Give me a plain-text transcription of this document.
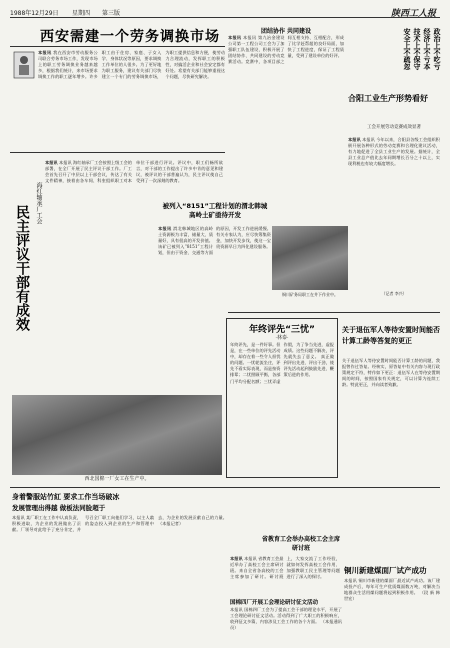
1988年12月29日 星期四 第三版	陕西工人报
西安需建一个劳务调换市场
本报讯 我在西安市劳动服务公司联合劳务市场工作，发现市场上的职工劳务调换业务越来越多，根据我们统计，来市场要求调换工作的职工逐年增多。许多职工由于住房、家庭、子女入学、身体状况等原因，要求调换工作单位的人很多。为了更好地为职工服务，建议有关部门尽快建立一个专门的劳务调换市场，为职工提供信息和方便，使劳动力合理流动，发挥职工的积极性，对搞活企业和社会安定都有好处。希望有关部门能够重视这个问题，尽快研究解决。
民主评议干部有成效
海红轴承厂工会
本报讯 本报讯 海红轴承厂工会按照上级工会的部署，在全厂开展了民主评议干部工作。厂工会首先召开了中层以上干部会议，传达了有关文件精神，接着由各车间、科室组织职工对本单位干部进行评议。评议中，职工们畅所欲言，对干部的工作提出了许多中肯的意见和建议，被评议的干部普遍认为，民主评议使自己受到了一次深刻的教育。
西北国棉一厂女工在生产中。
被列入“8151”工程计划的渭北韩城高岭土矿亟待开发
本报讯 渭北韩城地区的高岭土资源极为丰富，储量大、质量好，具有很高的开发价值。该矿已被列入“8151”工程计划，但由于资金、交通等方面的原因，开发工作进展缓慢。有关专家认为，应尽快筹集资金，加快开发步伐，使这一宝贵资源早日为四化建设服务。
本报讯 本报讯 第九冶金建设公司第一工程公司工会为了加强职工队伍建设，积极开展了团结协作、共同建设的劳动竞赛活动。竞赛中，各项目部之间互相支持、互相配合，形成了比学赶帮超的良好局面，加快了工程进度，保证了工程质量，受到了建设单位的好评。
团结协作 共同建设
铜川矿务局职工在井下作业中。
政治上不吃亏
经济上不亏本
技术上不保守
安全上不疏忽
合阳工业生产形势看好
工会开展劳动竞赛成效显著
本报讯 本报讯 今年以来，合阳县各级工会组织积极开展各种形式的劳动竞赛和合理化建议活动，有力地促进了全县工业生产的发展。据统计，全县工业总产值比去年同期增长百分之十以上，实现利税也有较大幅度增长。
（记者 李兴）
关于退伍军人等待安置时间能否计算工龄等答复的更正
关于退伍军人等待安置时间能否计算工龄的问题，我报曾作过答复。经核实，原答复中有关内容与现行政策规定不符，特作如下更正：退伍军人在等待安置期间的时间，按照国家有关规定，可以计算为连续工龄。特此更正，并向读者致歉。
年终评先“三忧”
·林泰·
年终评先，是一件好事。但是，在一些单位的评先活动中，却存在着一些令人担忧的问题。一忧轮流坐庄，评先不看实际表现，而是按资排辈；二忧照顾平衡，各部门平均分配名额；三忧弄虚作假，为了争当先进，虚报成绩。这些问题不解决，评先就失去了意义。 真正做到评出先进、评出干劲，使评先活动起到鼓励先进、鞭策后进的作用。
身着警服站竹紅 要求工作当场破冰
发展管理出得越 做板法同脸超于
本报讯 某厂职工在工作中认真负责，积极进取，为企业的发展做出了贡献。厂领导对此给予了充分肯定，并号召全厂职工向他们学习，以主人翁的姿态投入到企业的生产和管理中去，为企业的发展贡献自己的力量。 （本报记者）
省教育工会举办高校工会主席研讨班
本报讯 本报讯 省教育工会最近举办了高校工会主席研讨班。来自全省各高校的工会主席参加了研讨。研讨班上，大家交流了工作经验，就如何发挥高校工会作用、加强教职工民主管理等问题进行了深入的探讨。
国棉四厂开展工会理论研讨征文活动
本报讯 国棉四厂工会为了提高工会干部的理论水平，开展了工会理论研讨征文活动。活动得到了广大职工的积极响应，收到征文多篇，内容涉及工会工作的各个方面。 （本报通讯员）
铜川新建煤面厂试产成功
本报讯 铜川市新建的煤面厂最近试产成功。该厂建成投产后，每年可生产优质煤面数万吨，对解决当地群众生活用煤问题将起到积极作用。 （段 新 韩世宏）
